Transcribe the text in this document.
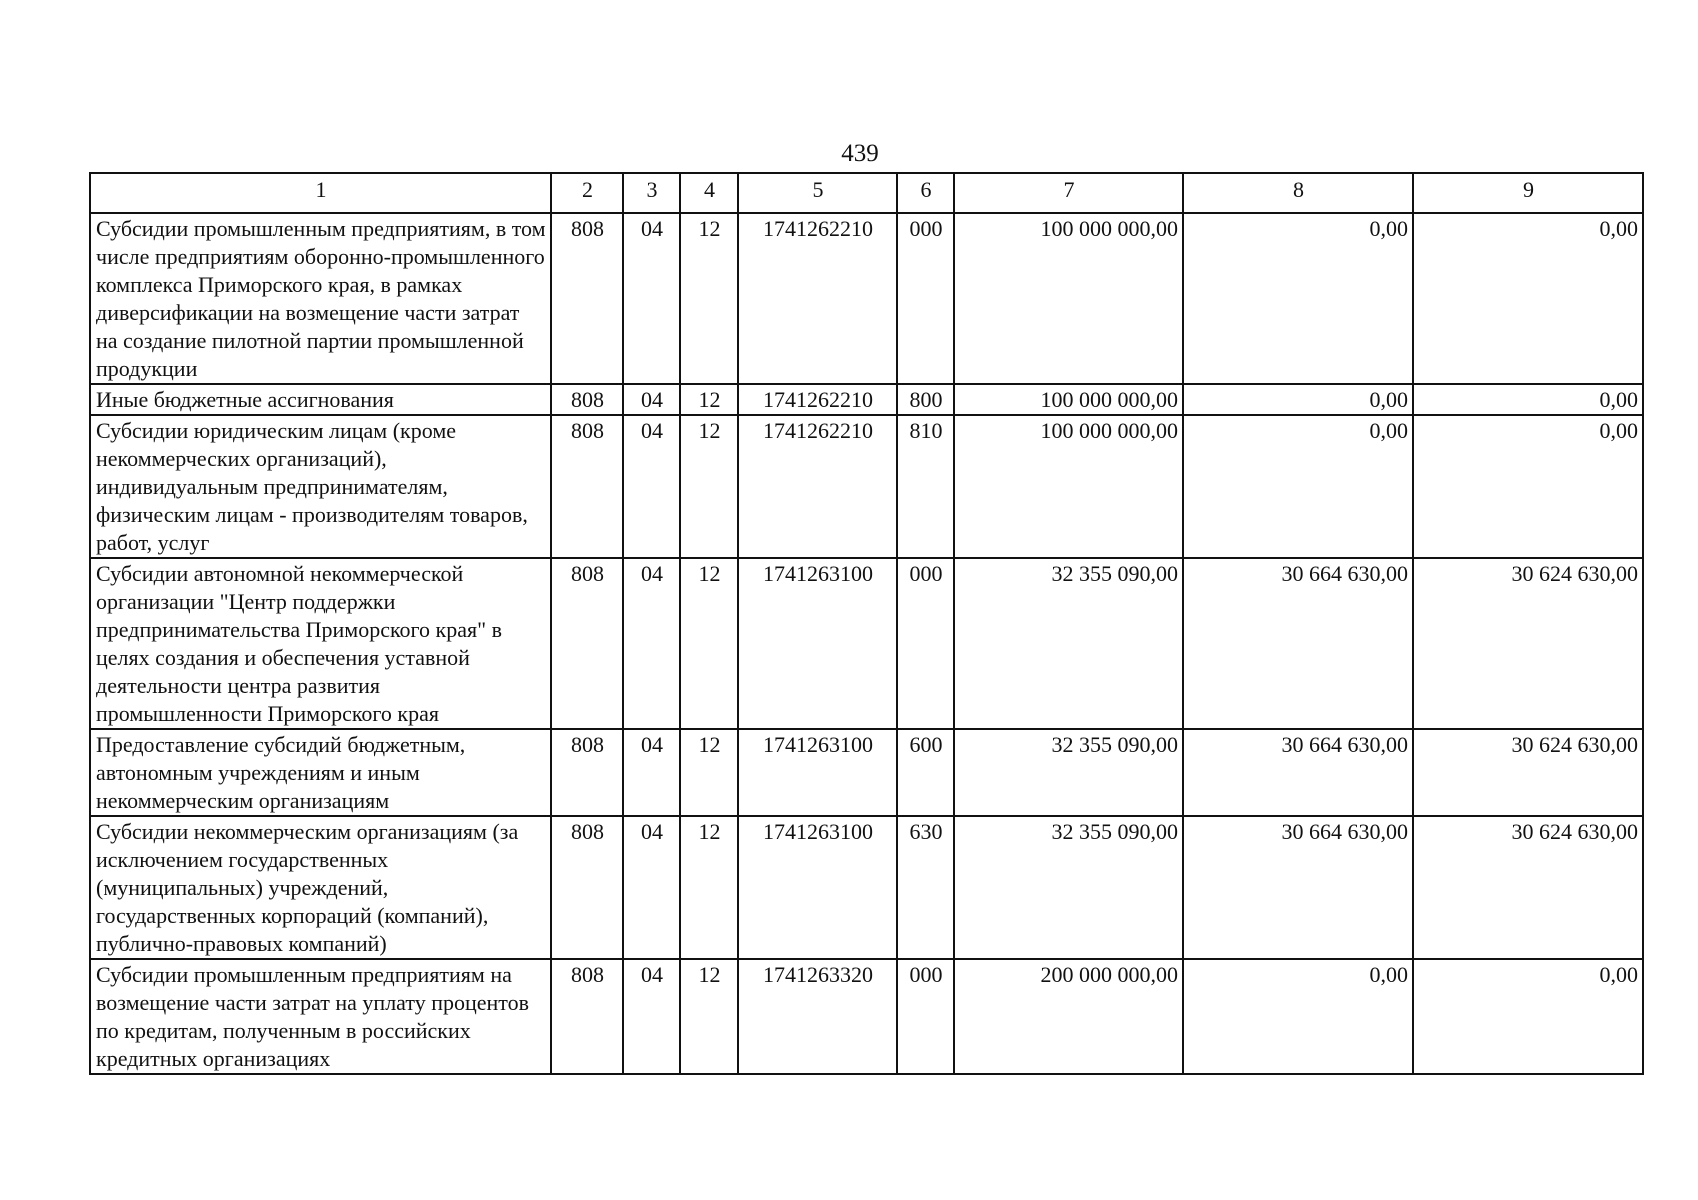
439
1	2	3	4	5	6	7	8	9
Субсидии промышленным предприятиям, в том числе предприятиям оборонно-промышленного комплекса Приморского края, в рамках диверсификации на возмещение части затрат на создание пилотной партии промышленной продукции	808	04	12	1741262210	000	100 000 000,00	0,00	0,00
Иные бюджетные ассигнования	808	04	12	1741262210	800	100 000 000,00	0,00	0,00
Субсидии юридическим лицам (кроме некоммерческих организаций), индивидуальным предпринимателям, физическим лицам - производителям товаров, работ, услуг	808	04	12	1741262210	810	100 000 000,00	0,00	0,00
Субсидии автономной некоммерческой организации "Центр поддержки предпринимательства Приморского края" в целях создания и обеспечения уставной деятельности центра развития промышленности Приморского края	808	04	12	1741263100	000	32 355 090,00	30 664 630,00	30 624 630,00
Предоставление субсидий бюджетным, автономным учреждениям и иным некоммерческим организациям	808	04	12	1741263100	600	32 355 090,00	30 664 630,00	30 624 630,00
Субсидии некоммерческим организациям (за исключением государственных (муниципальных) учреждений, государственных корпораций (компаний), публично-правовых компаний)	808	04	12	1741263100	630	32 355 090,00	30 664 630,00	30 624 630,00
Субсидии промышленным предприятиям на возмещение части затрат на уплату процентов по кредитам, полученным в российских кредитных организациях	808	04	12	1741263320	000	200 000 000,00	0,00	0,00
